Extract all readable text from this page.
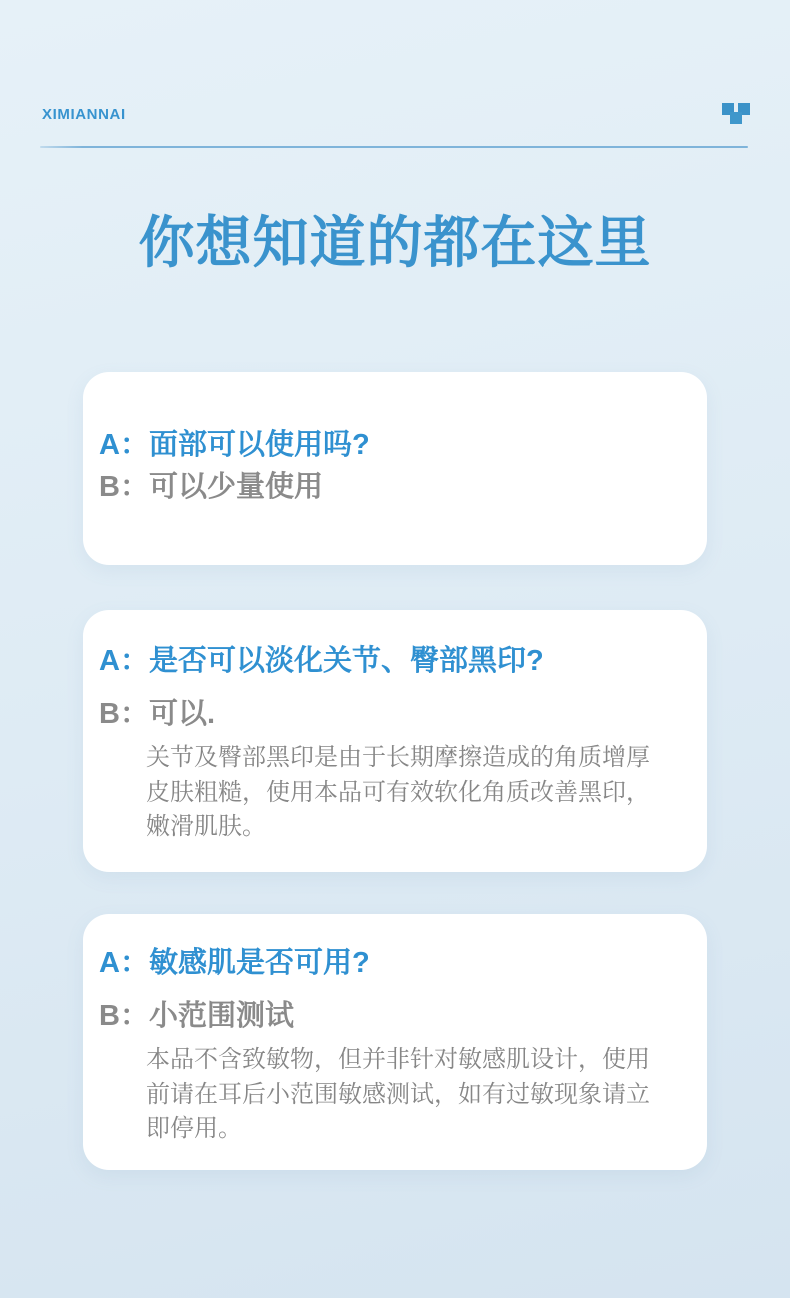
XIMIANNAI
你想知道的都在这里
A： 面部可以使用吗?
B： 可以少量使用
A： 是否可以淡化关节、臀部黑印?
B： 可以.
关节及臀部黑印是由于长期摩擦造成的角质增厚皮肤粗糙，使用本品可有效软化角质改善黑印，嫩滑肌肤。
A： 敏感肌是否可用?
B： 小范围测试
本品不含致敏物，但并非针对敏感肌设计，使用前请在耳后小范围敏感测试，如有过敏现象请立即停用。
